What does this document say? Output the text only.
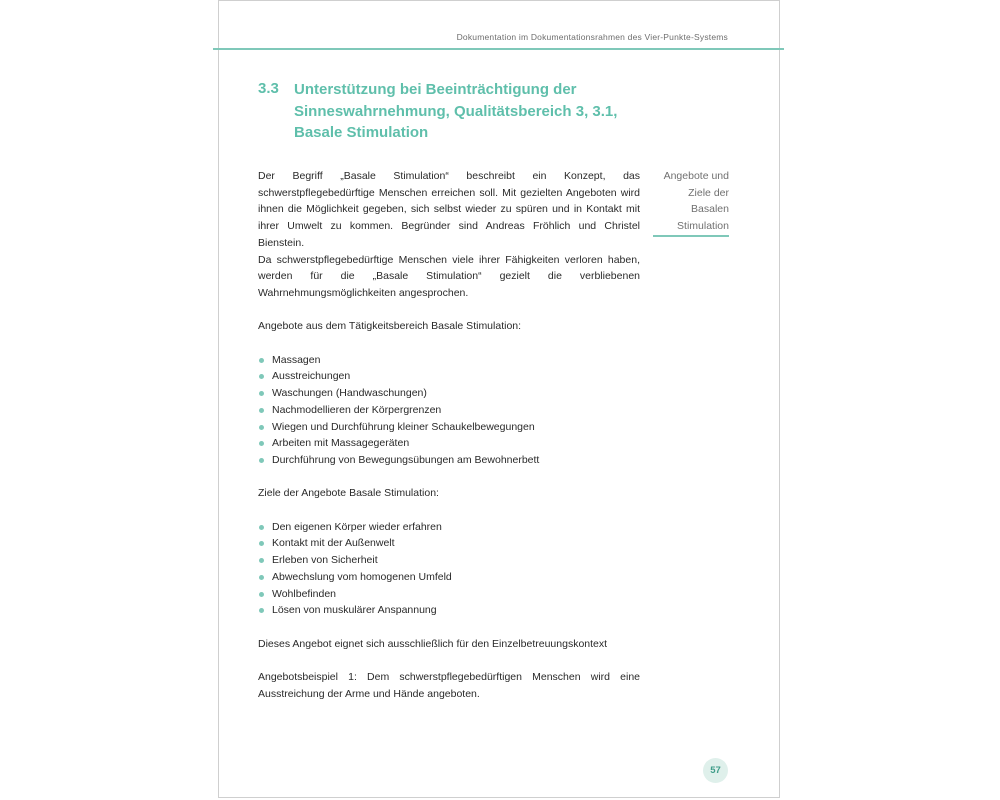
Dokumentation im Dokumentationsrahmen des Vier-Punkte-Systems
3.3 Unterstützung bei Beeinträchtigung der
Sinneswahrnehmung, Qualitätsbereich 3, 3.1,
Basale Stimulation
Angebote und
Ziele der
Basalen
Stimulation

Der Begriff „Basale Stimulation“ beschreibt ein Konzept, das schwerstpflegebedürftige Menschen erreichen soll. Mit gezielten Angeboten wird ihnen die Möglichkeit gegeben, sich selbst wieder zu spüren und in Kontakt mit ihrer Umwelt zu kommen. Begründer sind Andreas Fröhlich und Christel Bienstein.

Da schwerstpflegebedürftige Menschen viele ihrer Fähigkeiten verloren haben, werden für die „Basale Stimulation“ gezielt die verbliebenen Wahrnehmungsmöglichkeiten angesprochen.

Angebote aus dem Tätigkeitsbereich Basale Stimulation:

Massagen
Ausstreichungen
Waschungen (Handwaschungen)
Nachmodellieren der Körpergrenzen
Wiegen und Durchführung kleiner Schaukelbewegungen
Arbeiten mit Massagegeräten
Durchführung von Bewegungsübungen am Bewohnerbett

Ziele der Angebote Basale Stimulation:

Den eigenen Körper wieder erfahren
Kontakt mit der Außenwelt
Erleben von Sicherheit
Abwechslung vom homogenen Umfeld
Wohlbefinden
Lösen von muskulärer Anspannung

Dieses Angebot eignet sich ausschließlich für den Einzelbetreuungskontext

Angebotsbeispiel 1: Dem schwerstpflegebedürftigen Menschen wird eine Ausstreichung der Arme und Hände angeboten.

57
